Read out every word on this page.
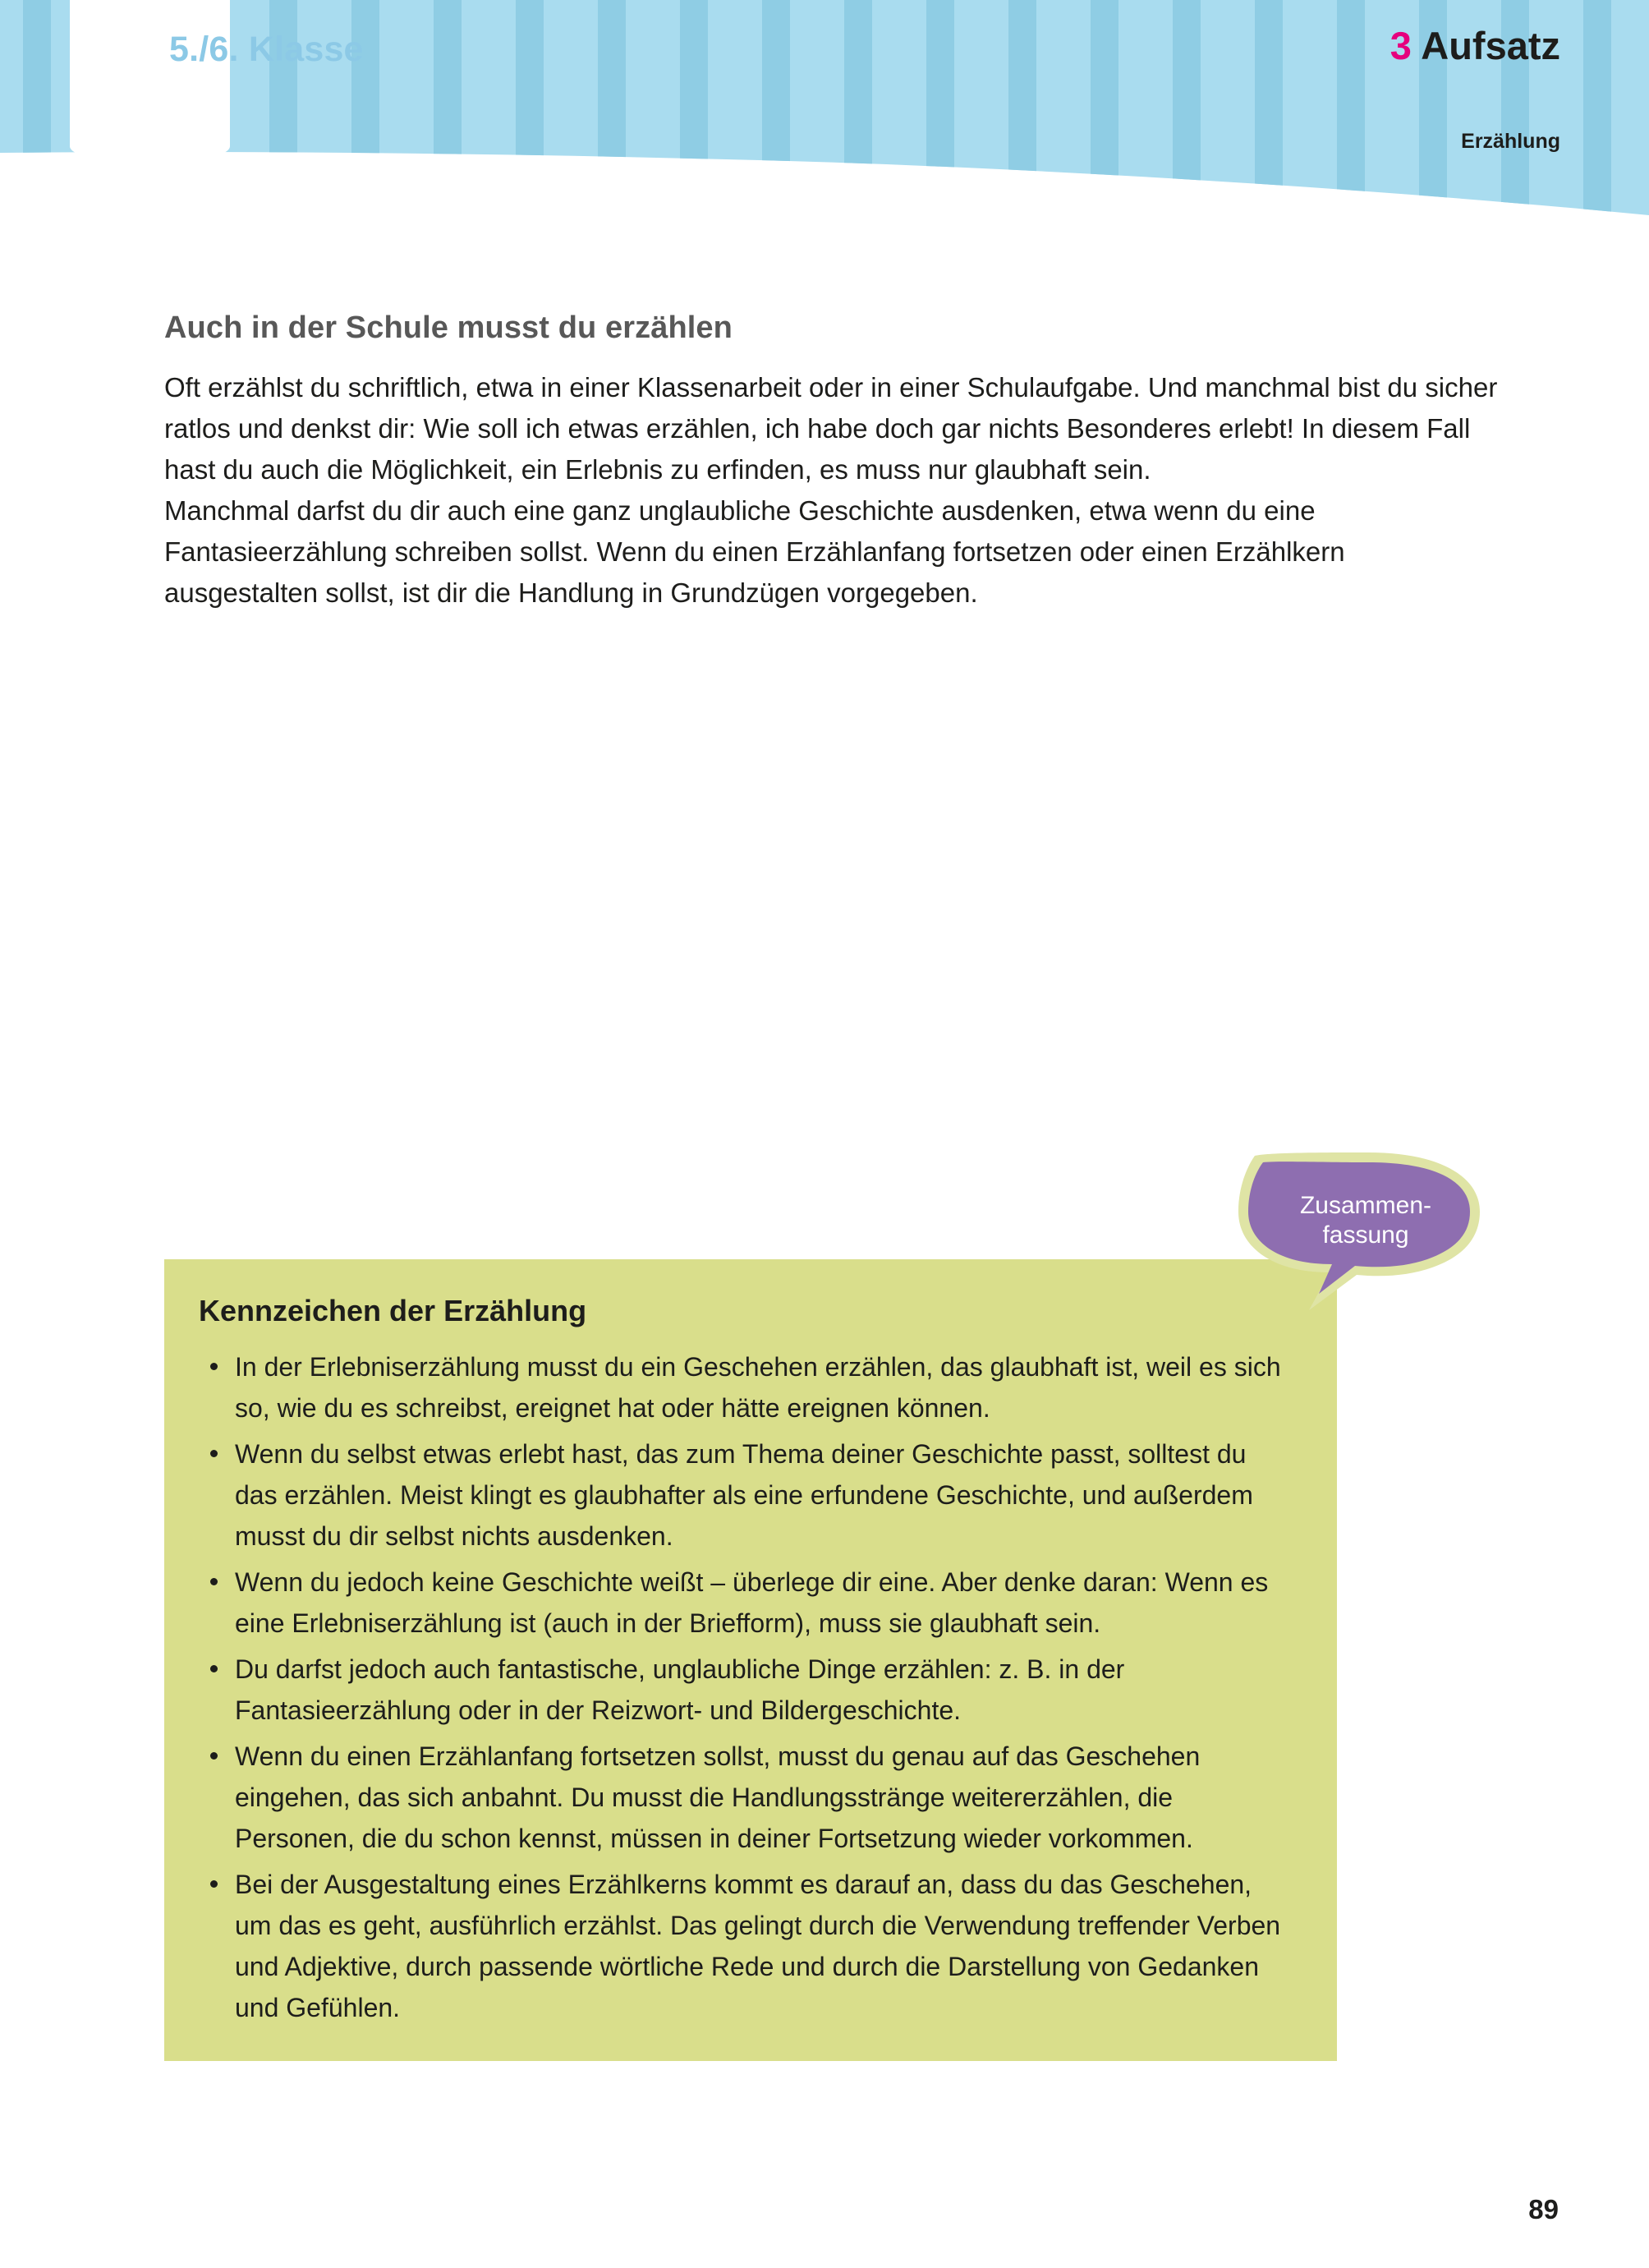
5./6. Klasse	3 Aufsatz
Erzählung
Auch in der Schule musst du erzählen

Oft erzählst du schriftlich, etwa in einer Klassenarbeit oder in einer Schulaufgabe. Und manchmal bist du sicher ratlos und denkst dir: Wie soll ich etwas erzählen, ich habe doch gar nichts Besonderes erlebt! In diesem Fall hast du auch die Möglichkeit, ein Erlebnis zu erfinden, es muss nur glaubhaft sein.

Manchmal darfst du dir auch eine ganz unglaubliche Geschichte ausdenken, etwa wenn du eine Fantasieerzählung schreiben sollst. Wenn du einen Erzählanfang fortsetzen oder einen Erzählkern ausgestalten sollst, ist dir die Handlung in Grundzügen vorgegeben.

Zusammen-
fassung
Kennzeichen der Erzählung
In der Erlebniserzählung musst du ein Geschehen erzählen, das glaubhaft ist, weil es sich so, wie du es schreibst, ereignet hat oder hätte ereignen können.
Wenn du selbst etwas erlebt hast, das zum Thema deiner Geschichte passt, solltest du das erzählen. Meist klingt es glaubhafter als eine erfundene Geschichte, und außerdem musst du dir selbst nichts ausdenken.
Wenn du jedoch keine Geschichte weißt – überlege dir eine. Aber denke daran: Wenn es eine Erlebniserzählung ist (auch in der Briefform), muss sie glaubhaft sein.
Du darfst jedoch auch fantastische, unglaubliche Dinge erzählen: z. B. in der Fantasieerzählung oder in der Reizwort- und Bildergeschichte.
Wenn du einen Erzählanfang fortsetzen sollst, musst du genau auf das Geschehen eingehen, das sich anbahnt. Du musst die Handlungsstränge weitererzählen, die Personen, die du schon kennst, müssen in deiner Fortsetzung wieder vorkommen.
Bei der Ausgestaltung eines Erzählkerns kommt es darauf an, dass du das Geschehen, um das es geht, ausführlich erzählst. Das gelingt durch die Verwendung treffender Verben und Adjektive, durch passende wörtliche Rede und durch die Darstellung von Gedanken und Gefühlen.
89
